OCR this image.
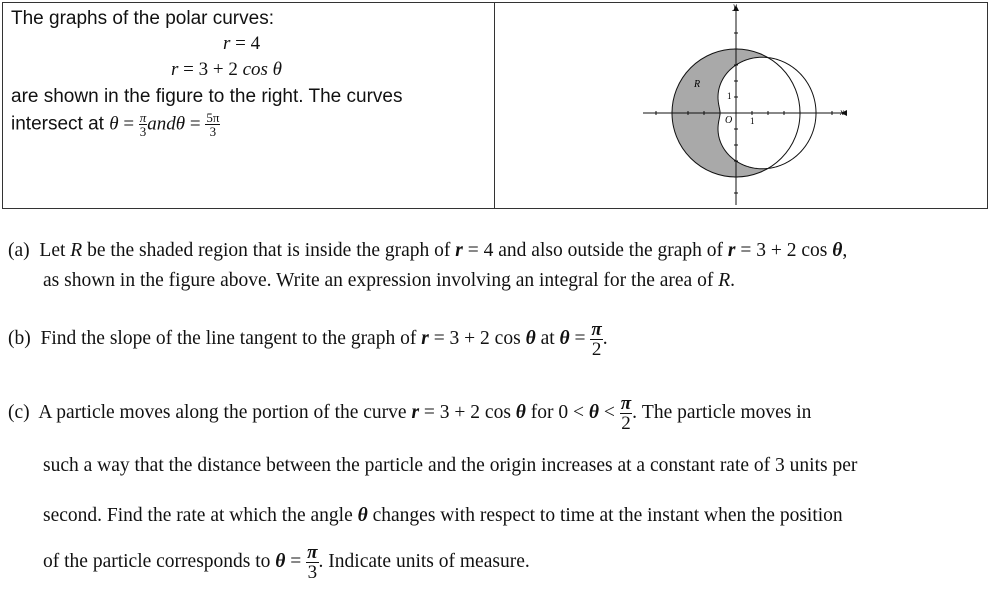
The graphs of the polar curves:
r = 4
r = 3 + 2 cos θ
are shown in the figure to the right. The curves
intersect at $\theta = \frac{\pi}{3}$ $and\theta = \frac{5\pi}{3}$
y
x
R
O 1
1
(a) Let R be the shaded region that is inside the graph of r = 4 and also outside the graph of r = 3 + 2 cos θ,
as shown in the figure above. Write an expression involving an integral for the area of R.
(b) Find the slope of the line tangent to the graph of r = 3 + 2 cos θ at $\theta = \frac{\pi}{2}$ .
(c) A particle moves along the portion of the curve r = 3 + 2 cos θ for $0 < \theta < \frac{\pi}{2}$ . The particle moves in
such a way that the distance between the particle and the origin increases at a constant rate of 3 units per
second. Find the rate at which the angle θ changes with respect to time at the instant when the position
of the particle corresponds to $\theta = \frac{\pi}{3}$ . Indicate units of measure.
